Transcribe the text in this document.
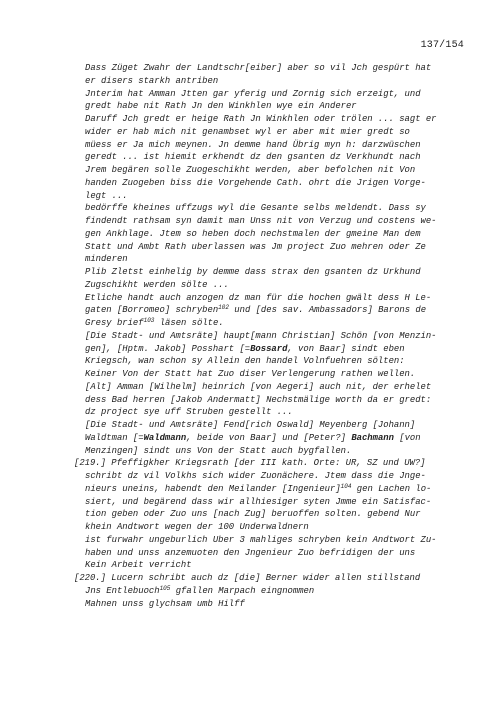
137/154
Dass Züget Zwahr der Landtschr[eiber] aber so vil Jch gespürt hat
er disers starkh antriben
Jnterim hat Amman Jtten gar yferig und Zornig sich erzeigt, und
gredt habe nit Rath Jn den Winkhlen wye ein Anderer
Daruff Jch gredt er heige Rath Jn Winkhlen oder trölen ... sagt er
wider er hab mich nit genambset wyl er aber mit mier gredt so
müess er Ja mich meynen. Jn demme hand Übrig myn h: darzwüschen
geredt ... ist hiemit erkhendt dz den gsanten dz Verkhundt nach
Jrem begären solle Zuogeschikht werden, aber befolchen nit Von
handen Zuogeben biss die Vorgehende Cath. ohrt die Jrigen Vorge-
legt ...
bedörffe kheines uffzugs wyl die Gesante selbs meldendt. Dass sy
findendt rathsam syn damit man Unss nit von Verzug und costens we-
gen Ankhlage. Jtem so heben doch nechstmalen der gmeine Man dem
Statt und Ambt Rath uberlassen was Jm project Zuo mehren oder Ze
minderen
Plib Zletst einhelig by demme dass strax den gsanten dz Urkhund
Zugschikht werden sölte ...
Etliche handt auch anzogen dz man für die hochen gwält dess H Le-
gaten [Borromeo] schryben$^{102}$ und [des sav. Ambassadors] Barons de
Gresy brief$^{103}$ läsen sölte.
[Die Stadt- und Amtsräte] haupt[mann Christian] Schön [von Menzin-
gen], [Hptm. Jakob] Posshart [=Bossard, von Baar] sindt eben
Kriegsch, wan schon sy Allein den handel Volnfuehren sölten:
Keiner Von der Statt hat Zuo diser Verlengerung rathen wellen.
[Alt] Amman [Wilhelm] heinrich [von Aegeri] auch nit, der erhelet
dess Bad herren [Jakob Andermatt] Nechstmälige worth da er gredt:
dz project sye uff Struben gestellt ...
[Die Stadt- und Amtsräte] Fend[rich Oswald] Meyenberg [Johann]
Waldtman [=Waldmann, beide von Baar] und [Peter?] Bachmann [von
Menzingen] sindt uns Von der Statt auch bygfallen.
[219.] Pfeffigkher Kriegsrath [der III kath. Orte: UR, SZ und UW?]
schribt dz vil Volkhs sich wider Zuonächere. Jtem dass die Jnge-
nieurs uneins, habendt den Meilander [Ingenieur]$^{104}$ gen Lachen lo-
siert, und begärend dass wir allhiesiger syten Jmme ein Satisfac-
tion geben oder Zuo uns [nach Zug] beruoffen solten. gebend Nur
khein Andtwort wegen der 100 Underwaldnern
ist furwahr ungeburlich Uber 3 mahliges schryben kein Andtwort Zu-
haben und unss anzemuoten den Jngenieur Zuo befridigen der uns
Kein Arbeit verricht
[220.] Lucern schribt auch dz [die] Berner wider allen stillstand
Jns Entlebuoch$^{105}$ gfallen Marpach eingnommen
Mahnen unss glychsam umb Hilff
